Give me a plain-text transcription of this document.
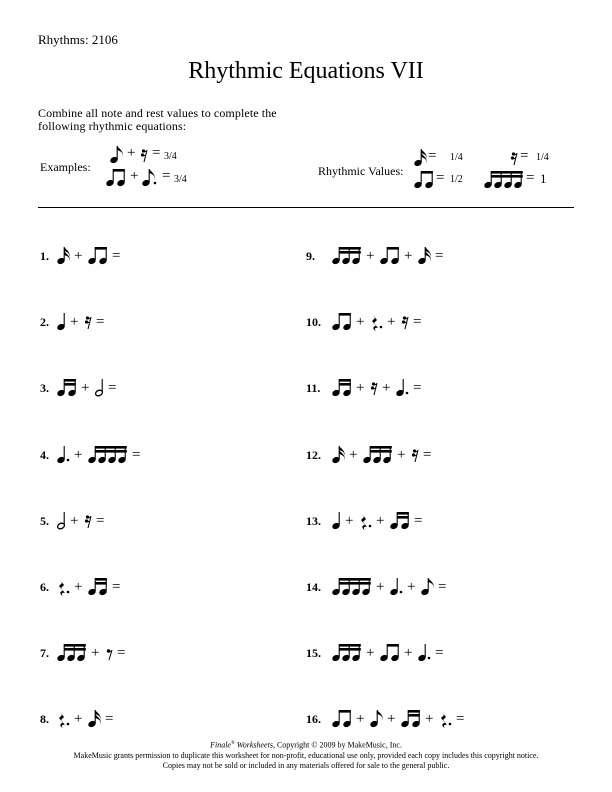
Rhythms: 2106
Rhythmic Equations VII
Combine all note and rest values to complete the following rhythmic equations:
Examples:
+ = 3/4
+ = 3/4
Rhythmic Values:
= 1/4	= 1/4
= 1/2	= 1
1. + =
2. + =
3. + =
4. +	=
5. + =
6. + =
7.	+ =
8. + =
9.	+ + =
10. + + =
11. + + =
12. +	+ =
13. + + =
14.	+ + =
15.	+ + =
16. + + + =
Finale® Worksheets, Copyright © 2009 by MakeMusic, Inc.
MakeMusic grants permission to duplicate this worksheet for non-profit, educational use only, provided each copy includes this copyright notice.
Copies may not be sold or included in any materials offered for sale to the general public.
